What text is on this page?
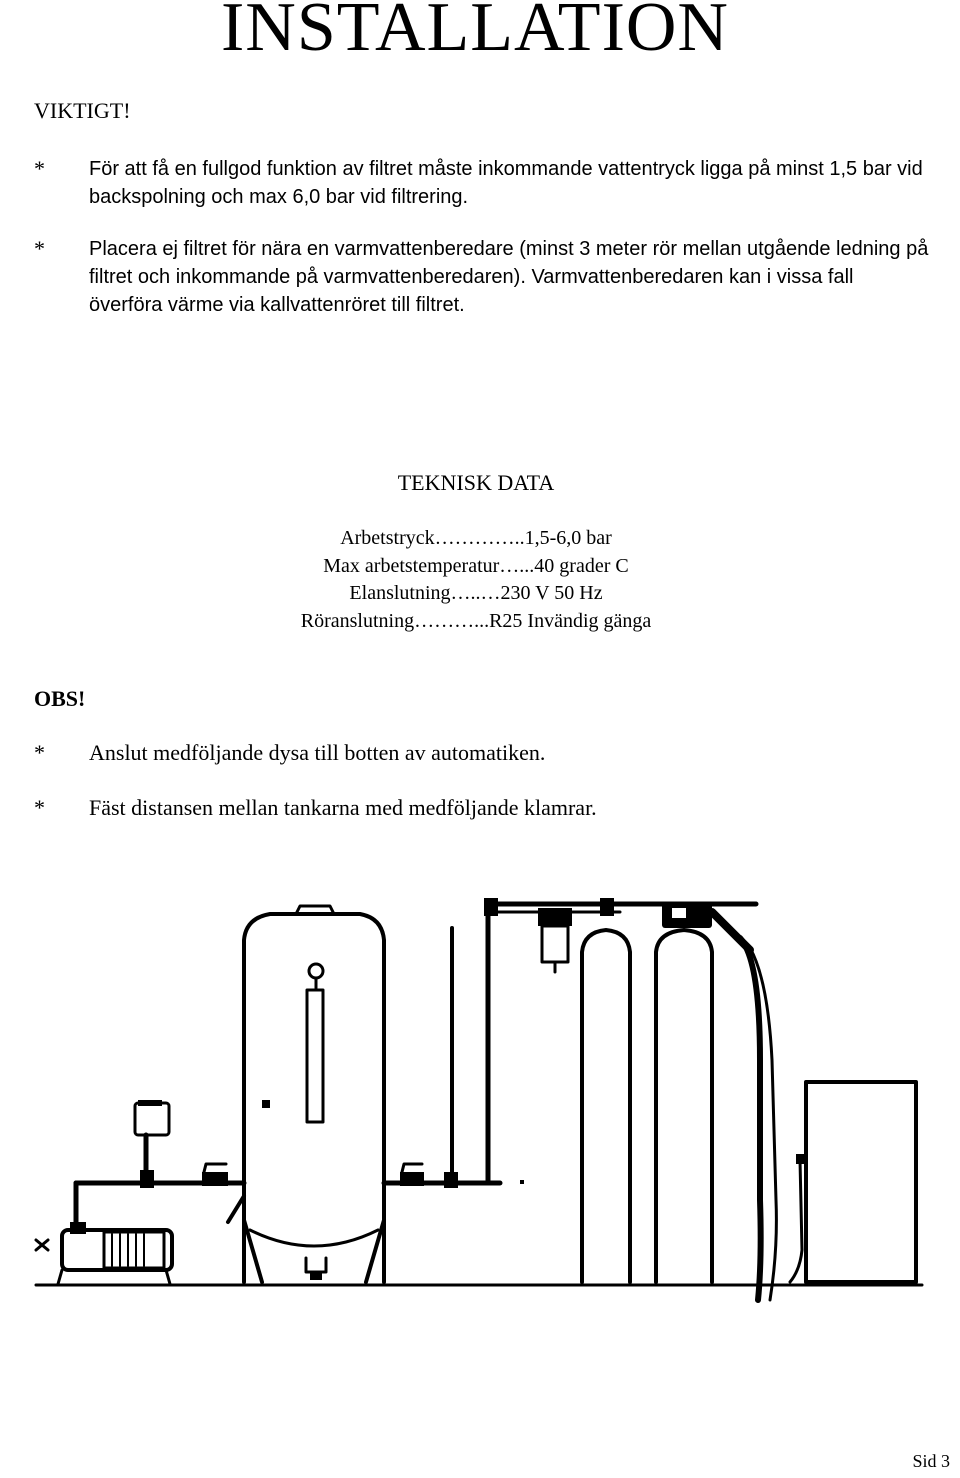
INSTALLATION
VIKTIGT!
* För att få en fullgod funktion av filtret måste inkommande vattentryck ligga på minst 1,5 bar vid backspolning och max 6,0 bar vid filtrering.
* Placera ej filtret för nära en varmvattenberedare (minst 3 meter rör mellan utgående ledning på filtret och inkommande på varmvattenberedaren). Varmvattenberedaren kan i vissa fall överföra värme via kallvattenröret till filtret.
TEKNISK DATA
Arbetstryck…………..1,5-6,0 bar
Max arbetstemperatur…...40 grader C
Elanslutning…..…230 V 50 Hz
Röranslutning………...R25 Invändig gänga
OBS!
* Anslut medföljande dysa till botten av automatiken.
* Fäst distansen mellan tankarna med medföljande klamrar.
Sid 3
